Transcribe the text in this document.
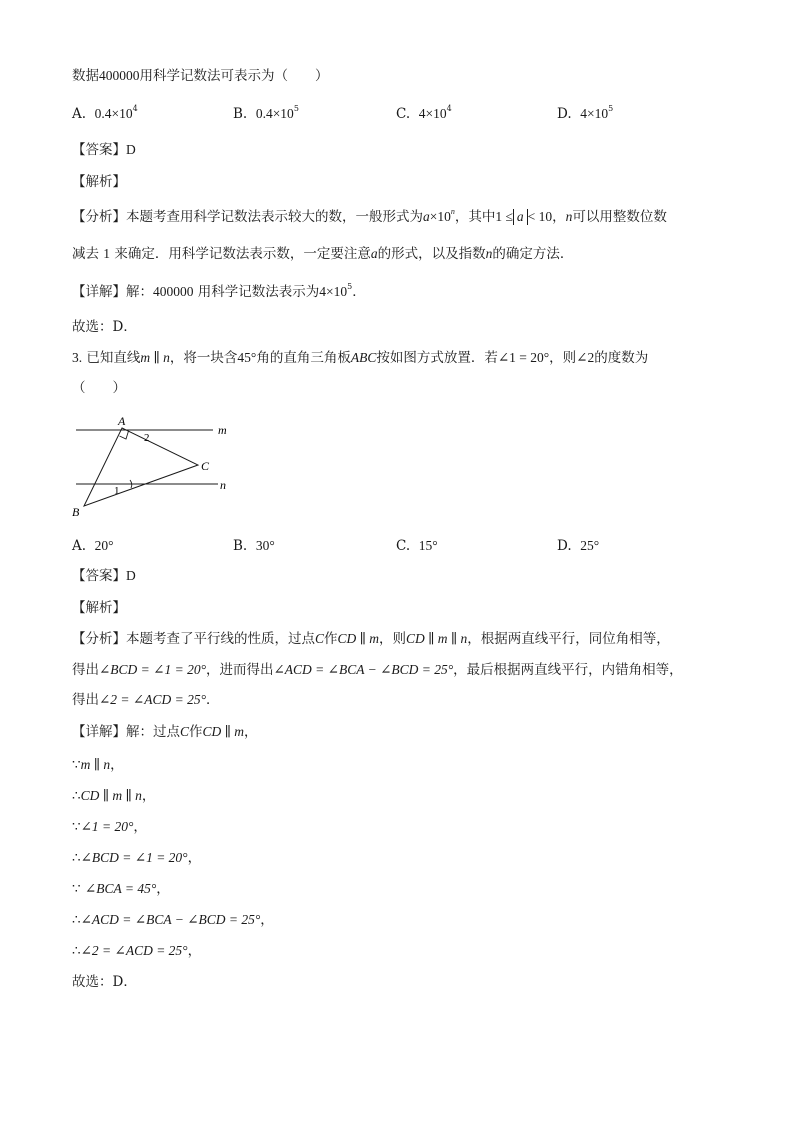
数据400000用科学记数法可表示为（　　）
A. $0.4\times 10^4$	B. $0.4\times 10^5$	C. $4\times 10^4$	D. $4\times 10^5$
【答案】D
【解析】
【分析】本题考查用科学记数法表示较大的数，一般形式为$a\times 10^n$，其中1 ≤ a < 10，n可以用整数位数
减去 1 来确定．用科学记数法表示数，一定要注意a的形式，以及指数n的确定方法．
【详解】解：400000 用科学记数法表示为$4\times 10^5$．
故选：D．
3. 已知直线m ∥ n，将一块含45°角的直角三角板ABC按如图方式放置．若∠1 = 20°，则∠2的度数为
（　　）
A
B
C
m
n
1
2
A. 20°	B. 30°	C. 15°	D. 25°
【答案】D
【解析】
【分析】本题考查了平行线的性质，过点C作CD ∥ m，则CD ∥ m ∥ n，根据两直线平行，同位角相等，
得出∠BCD = ∠1 = 20°，进而得出∠ACD = ∠BCA − ∠BCD = 25°，最后根据两直线平行，内错角相等，
得出∠2 = ∠ACD = 25°．
【详解】解：过点C作CD ∥ m，
∵m ∥ n，
∴CD ∥ m ∥ n，
∵∠1 = 20°，
∴∠BCD = ∠1 = 20°，
∵ ∠BCA = 45°，
∴∠ACD = ∠BCA − ∠BCD = 25°，
∴∠2 = ∠ACD = 25°，
故选：D．
